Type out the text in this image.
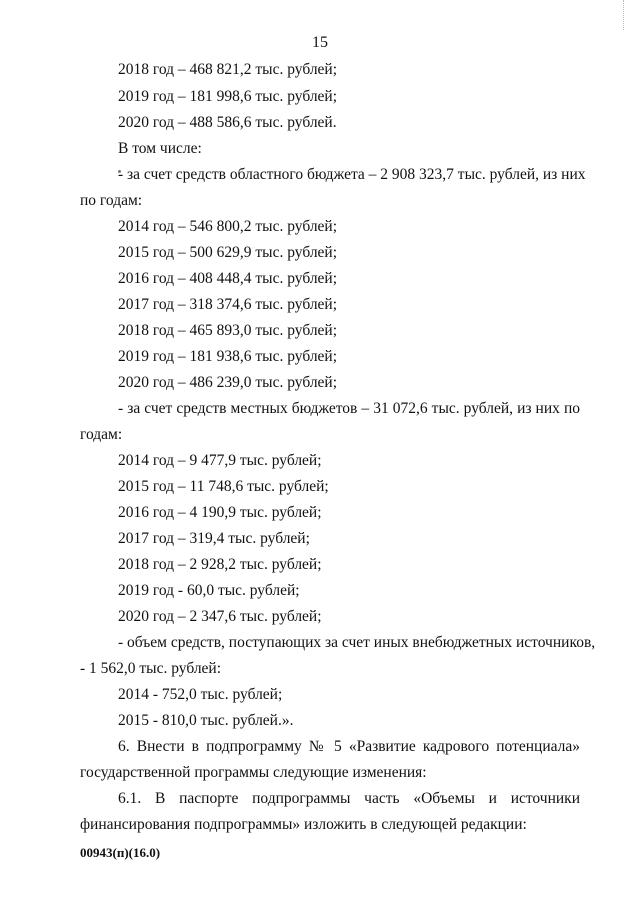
15
2018 год – 468 821,2 тыс. рублей;
2019 год – 181 998,6 тыс. рублей;
2020 год – 488 586,6 тыс. рублей.
В том числе:
- за счет средств областного бюджета – 2 908 323,7 тыс. рублей, из них
по годам:
2014 год – 546 800,2 тыс. рублей;
2015 год – 500 629,9 тыс. рублей;
2016 год – 408 448,4 тыс. рублей;
2017 год – 318 374,6 тыс. рублей;
2018 год – 465 893,0 тыс. рублей;
2019 год – 181 938,6 тыс. рублей;
2020 год – 486 239,0 тыс. рублей;
- за счет средств местных бюджетов – 31 072,6 тыс. рублей, из них по
годам:
2014 год – 9 477,9 тыс. рублей;
2015 год – 11 748,6 тыс. рублей;
2016 год – 4 190,9 тыс. рублей;
2017 год – 319,4 тыс. рублей;
2018 год – 2 928,2 тыс. рублей;
2019 год - 60,0 тыс. рублей;
2020 год – 2 347,6 тыс. рублей;
- объем средств, поступающих за счет иных внебюджетных источников,
- 1 562,0 тыс. рублей:
2014 - 752,0 тыс. рублей;
2015 - 810,0 тыс. рублей.».
6. Внести в подпрограмму № 5 «Развитие кадрового потенциала»
государственной программы следующие изменения:
6.1. В паспорте подпрограммы часть «Объемы и источники
финансирования подпрограммы» изложить в следующей редакции:
00943(п)(16.0)
